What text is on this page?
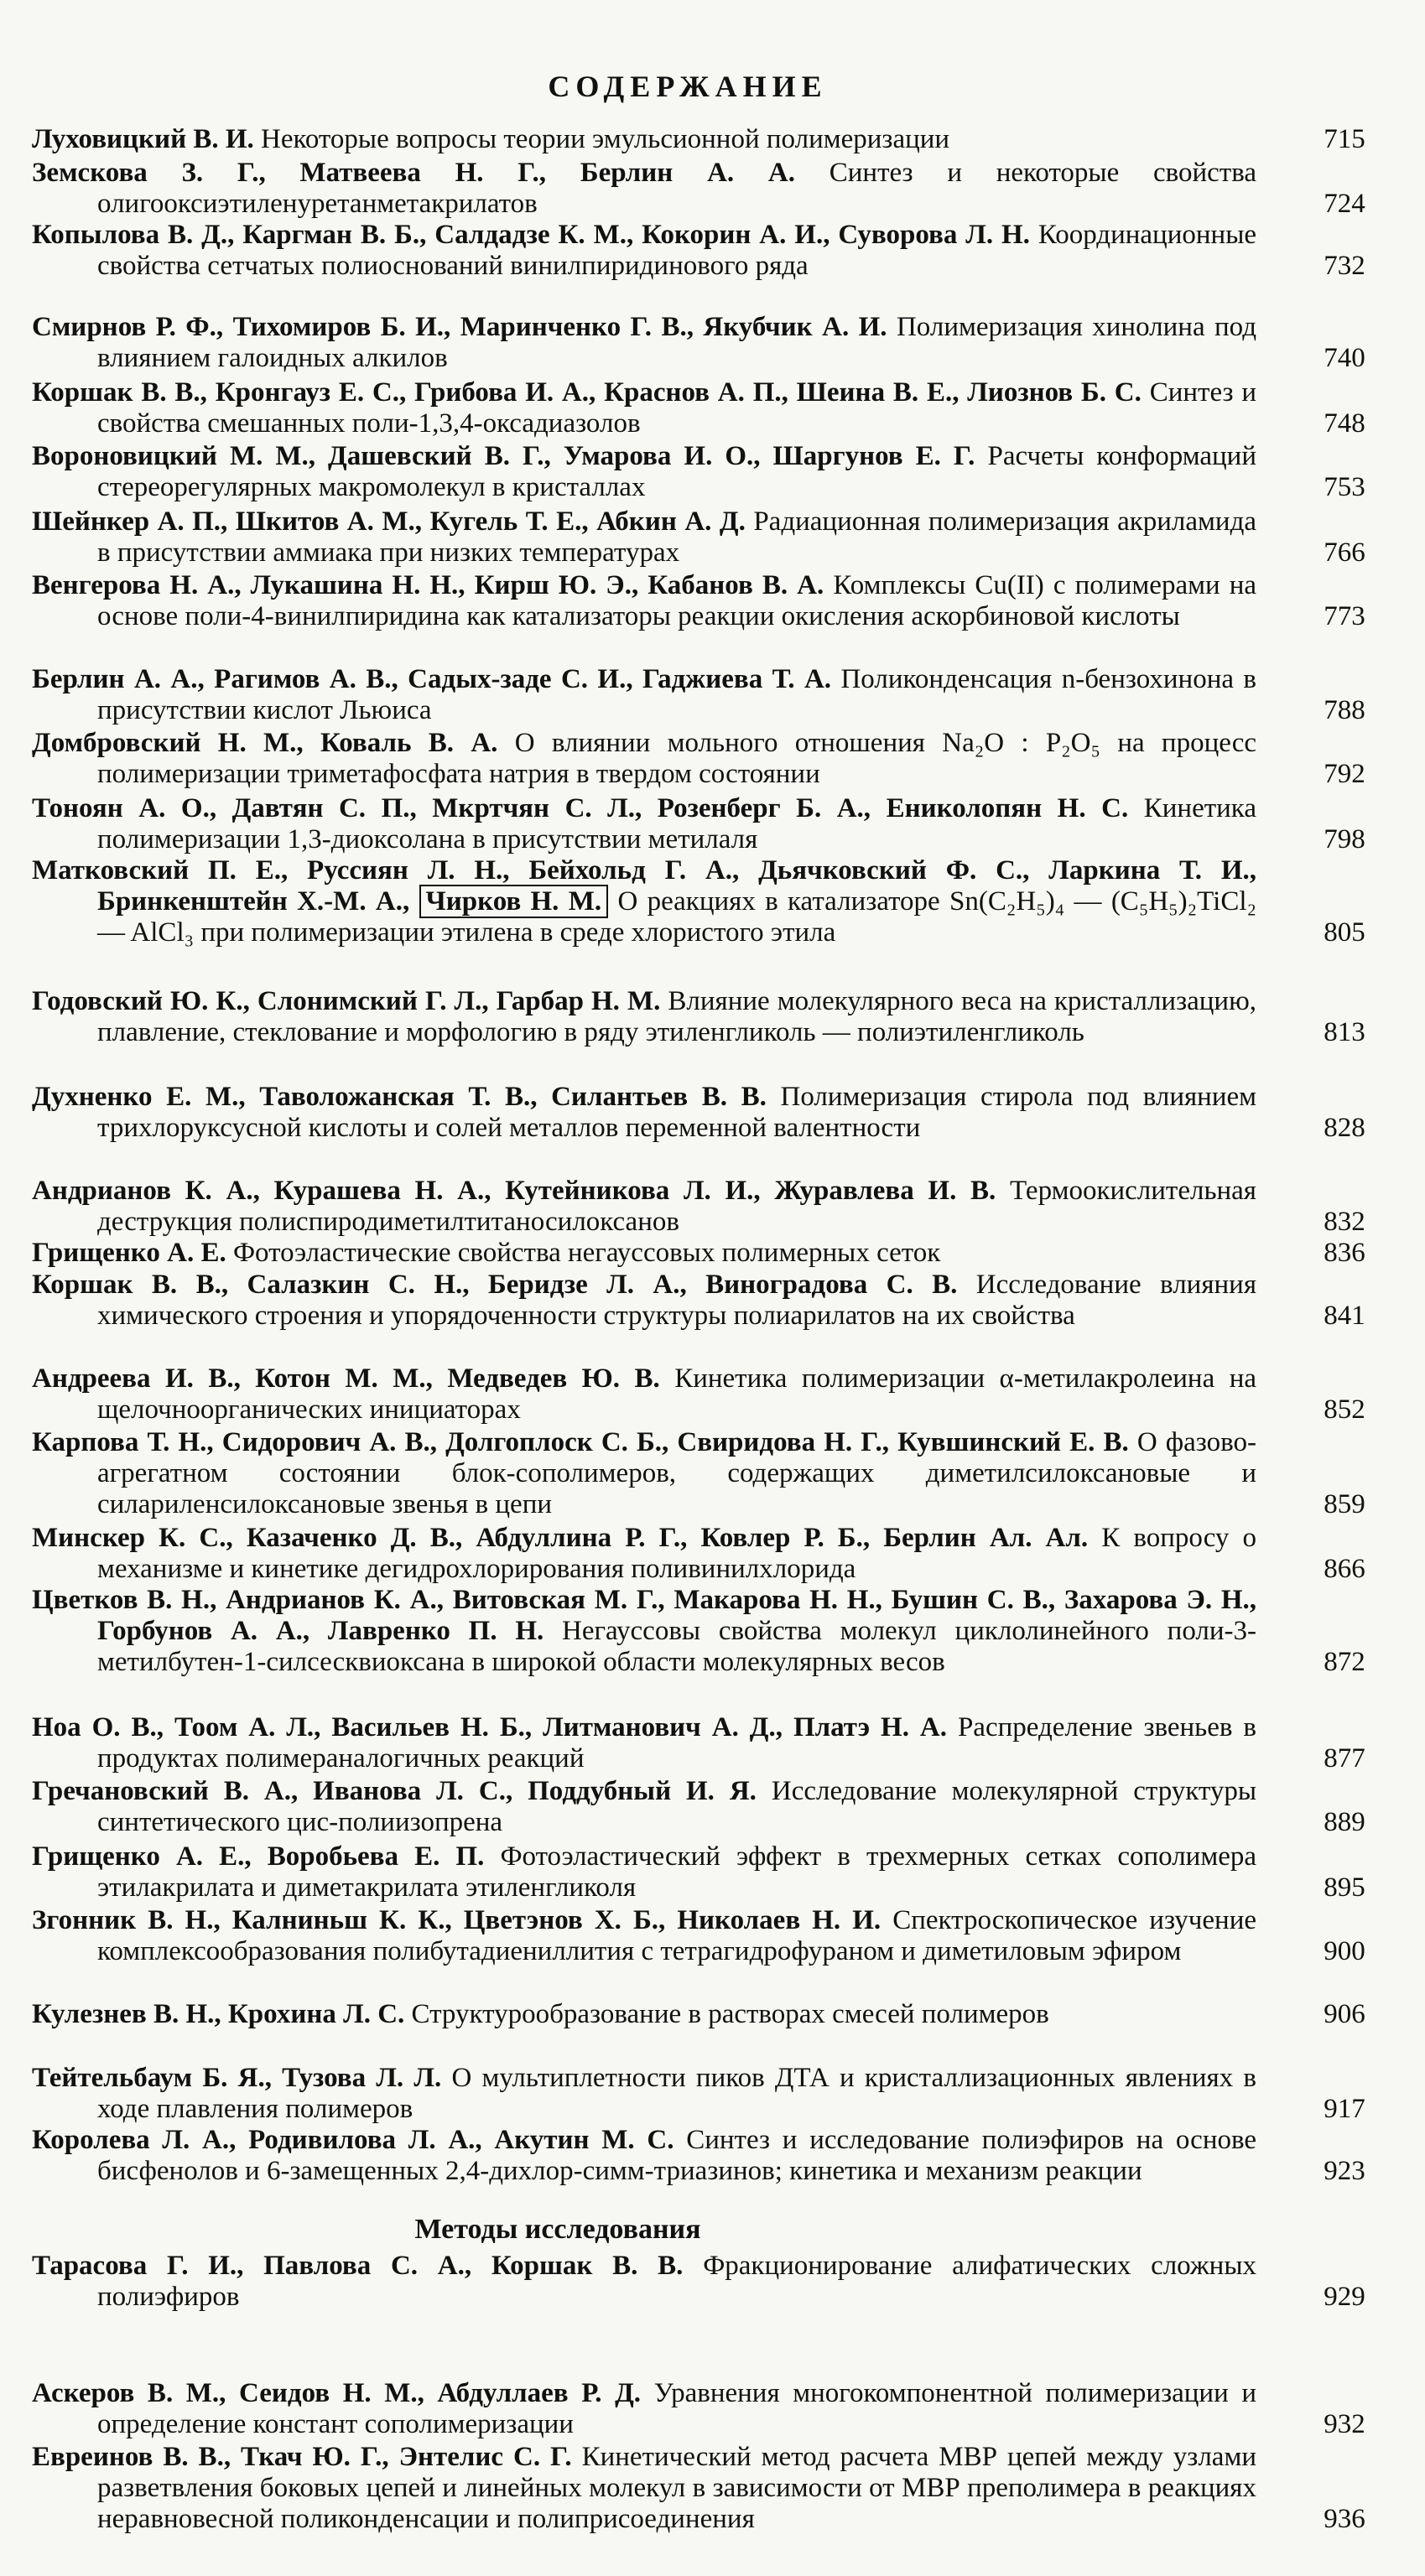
СОДЕРЖАНИЕ
Луховицкий В. И. Некоторые вопросы теории эмульсионной полимеризации	715
Земскова З. Г., Матвеева Н. Г., Берлин А. А. Синтез и некоторые свойства олигооксиэтиленуретанметакрилатов	724
Копылова В. Д., Каргман В. Б., Салдадзе К. М., Кокорин А. И., Суворова Л. Н. Координационные свойства сетчатых полиоснований винилпиридинового ряда	732
Смирнов Р. Ф., Тихомиров Б. И., Маринченко Г. В., Якубчик А. И. Полимеризация хинолина под влиянием галоидных алкилов	740
Коршак В. В., Кронгауз Е. С., Грибова И. А., Краснов А. П., Шеина В. Е., Лиознов Б. С. Синтез и свойства смешанных поли-1,3,4-оксадиазолов	748
Вороновицкий М. М., Дашевский В. Г., Умарова И. О., Шаргунов Е. Г. Расчеты конформаций стереорегулярных макромолекул в кристаллах	753
Шейнкер А. П., Шкитов А. М., Кугель Т. Е., Абкин А. Д. Радиационная полимеризация акриламида в присутствии аммиака при низких температурах	766
Венгерова Н. А., Лукашина Н. Н., Кирш Ю. Э., Кабанов В. А. Комплексы Cu(II) с полимерами на основе поли-4-винилпиридина как катализаторы реакции окисления аскорбиновой кислоты	773
Берлин А. А., Рагимов А. В., Садых-заде С. И., Гаджиева Т. А. Поликонденсация n-бензохинона в присутствии кислот Льюиса	788
Домбровский Н. М., Коваль В. А. О влиянии мольного отношения Na₂O : P₂O₅ на процесс полимеризации триметафосфата натрия в твердом состоянии	792
Тоноян А. О., Давтян С. П., Мкртчян С. Л., Розенберг Б. А., Ениколопян Н. С. Кинетика полимеризации 1,3-диоксолана в присутствии метилаля	798
Матковский П. Е., Руссиян Л. Н., Бейхольд Г. А., Дьячковский Ф. С., Ларкина Т. И., Бринкенштейн Х.-М. А., Чирков Н. М. О реакциях в катализаторе Sn(C₂H₅)₄ — (C₅H₅)₂TiCl₂ — AlCl₃ при полимеризации этилена в среде хлористого этила	805
Годовский Ю. К., Слонимский Г. Л., Гарбар Н. М. Влияние молекулярного веса на кристаллизацию, плавление, стеклование и морфологию в ряду этиленгликоль — полиэтиленгликоль	813
Духненко Е. М., Таволожанская Т. В., Силантьев В. В. Полимеризация стирола под влиянием трихлоруксусной кислоты и солей металлов переменной валентности	828
Андрианов К. А., Курашева Н. А., Кутейникова Л. И., Журавлева И. В. Термоокислительная деструкция полиспиродиметилтитаносилоксанов	832
Грищенко А. Е. Фотоэластические свойства негауссовых полимерных сеток	836
Коршак В. В., Салазкин С. Н., Беридзе Л. А., Виноградова С. В. Исследование влияния химического строения и упорядоченности структуры полиарилатов на их свойства	841
Андреева И. В., Котон М. М., Медведев Ю. В. Кинетика полимеризации α-метилакролеина на щелочноорганических инициаторах	852
Карпова Т. Н., Сидорович А. В., Долгоплоск С. Б., Свиридова Н. Г., Кувшинский Е. В. О фазово-агрегатном состоянии блок-сополимеров, содержащих диметилсилоксановые и силариленсилоксановые звенья в цепи	859
Минскер К. С., Казаченко Д. В., Абдуллина Р. Г., Ковлер Р. Б., Берлин Ал. Ал. К вопросу о механизме и кинетике дегидрохлорирования поливинилхлорида	866
Цветков В. Н., Андрианов К. А., Витовская М. Г., Макарова Н. Н., Бушин С. В., Захарова Э. Н., Горбунов А. А., Лавренко П. Н. Негауссовы свойства молекул циклолинейного поли-3-метилбутен-1-силсесквиоксана в широкой области молекулярных весов	872
Ноа О. В., Тоом А. Л., Васильев Н. Б., Литманович А. Д., Платэ Н. А. Распределение звеньев в продуктах полимераналогичных реакций	877
Гречановский В. А., Иванова Л. С., Поддубный И. Я. Исследование молекулярной структуры синтетического цис-полиизопрена	889
Грищенко А. Е., Воробьева Е. П. Фотоэластический эффект в трехмерных сетках сополимера этилакрилата и диметакрилата этиленгликоля	895
Згонник В. Н., Калниньш К. К., Цветэнов Х. Б., Николаев Н. И. Спектроскопическое изучение комплексообразования полибутадиениллития с тетрагидрофураном и диметиловым эфиром	900
Кулезнев В. Н., Крохина Л. С. Структурообразование в растворах смесей полимеров	906
Тейтельбаум Б. Я., Тузова Л. Л. О мультиплетности пиков ДТА и кристаллизационных явлениях в ходе плавления полимеров	917
Королева Л. А., Родивилова Л. А., Акутин М. С. Синтез и исследование полиэфиров на основе бисфенолов и 6-замещенных 2,4-дихлор-симм-триазинов; кинетика и механизм реакции	923
Методы исследования
Тарасова Г. И., Павлова С. А., Коршак В. В. Фракционирование алифатических сложных полиэфиров	929
Аскеров В. М., Сеидов Н. М., Абдуллаев Р. Д. Уравнения многокомпонентной полимеризации и определение констант сополимеризации	932
Евреинов В. В., Ткач Ю. Г., Энтелис С. Г. Кинетический метод расчета МВР цепей между узлами разветвления боковых цепей и линейных молекул в зависимости от МВР преполимера в реакциях неравновесной поликонденсации и полиприсоединения	936
